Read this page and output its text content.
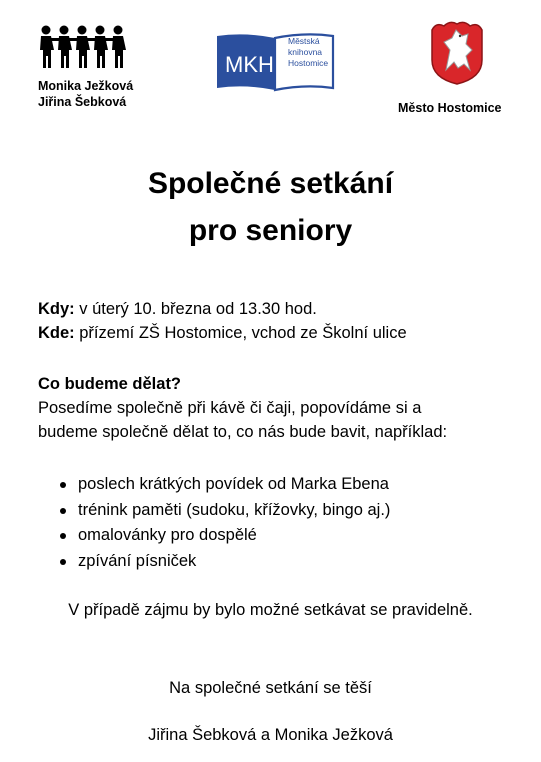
Monika Ježková
Jiřina Šebková
MKH
Městská
knihovna
Hostomice
Město Hostomice
Společné setkání
pro seniory
Kdy: v úterý 10. března od 13.30 hod.
Kde: přízemí ZŠ Hostomice, vchod ze Školní ulice
Co budeme dělat?
Posedíme společně při kávě či čaji, popovídáme si a
budeme společně dělat to, co nás bude bavit, například:
poslech krátkých povídek od Marka Ebena
trénink paměti (sudoku, křížovky, bingo aj.)
omalovánky pro dospělé
zpívání písniček
V případě zájmu by bylo možné setkávat se pravidelně.
Na společné setkání se těší
Jiřina Šebková a Monika Ježková
